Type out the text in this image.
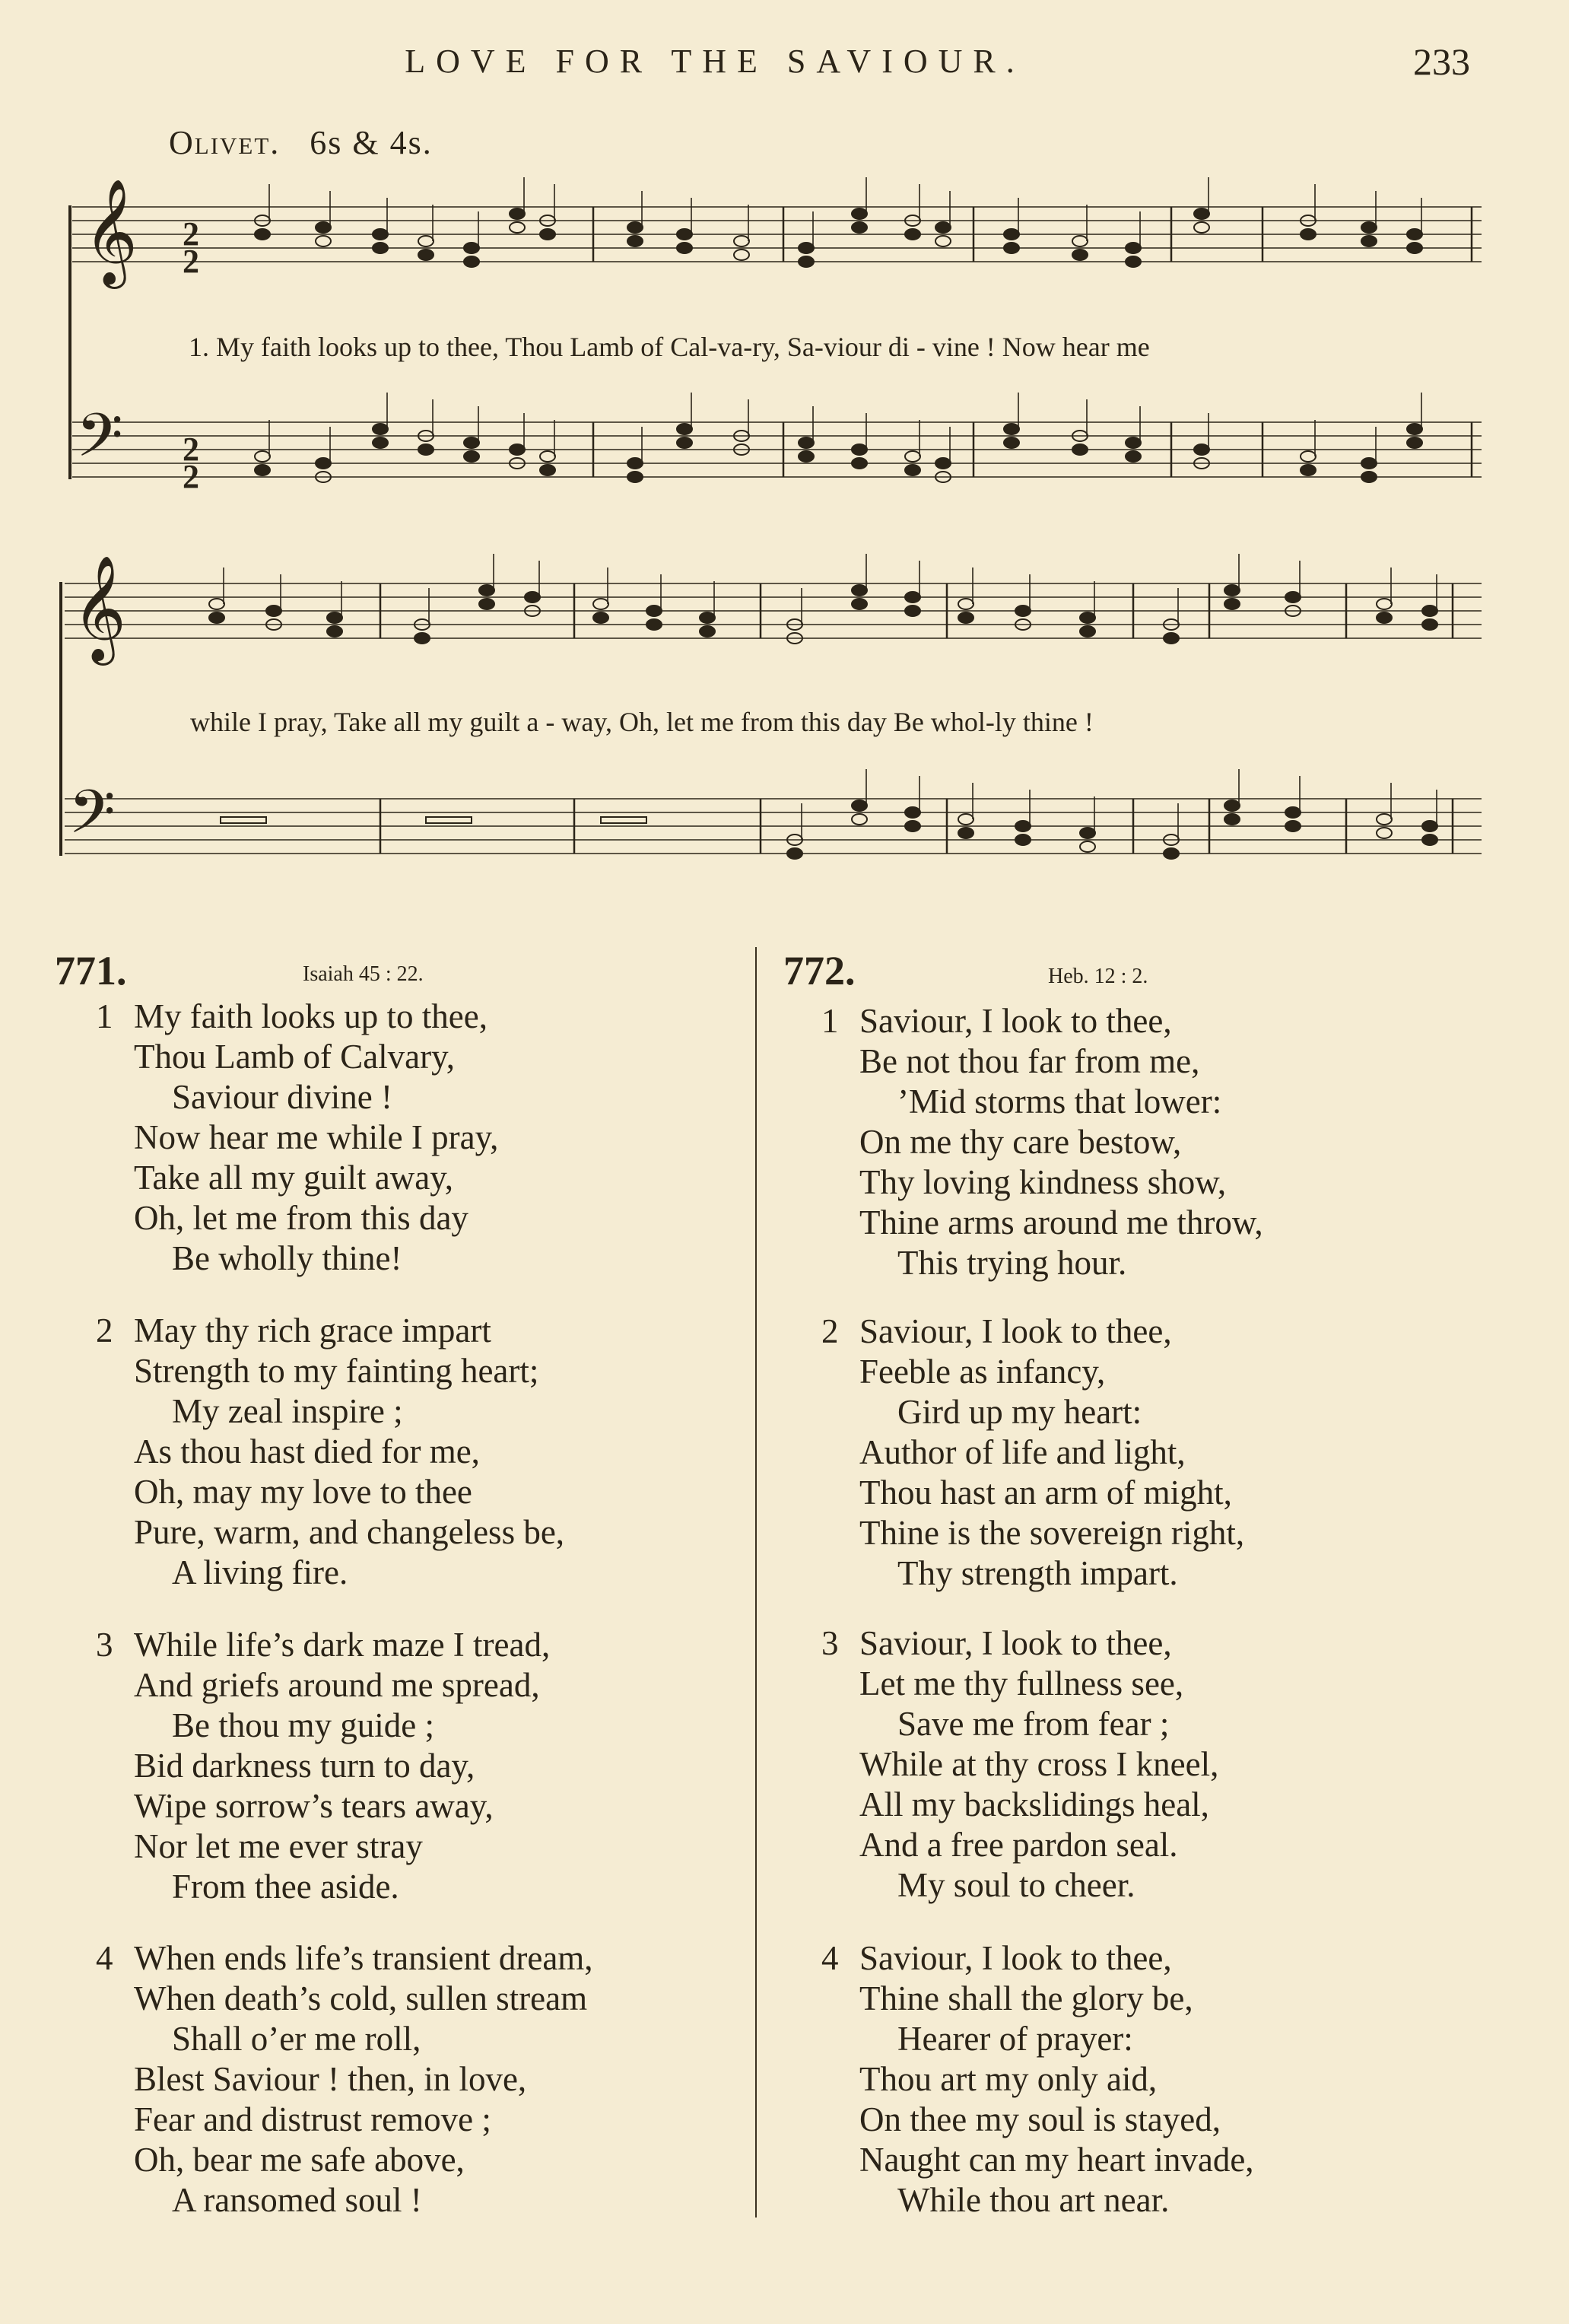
LOVE FOR THE SAVIOUR.	233
Olivet. 6s & 4s.
𝄞
𝄢
2
2
2
2
𝄞
𝄢
1. My faith looks up to thee, Thou Lamb of Cal-va-ry, Sa-viour di - vine ! Now hear me
while I pray, Take all my guilt a - way, Oh, let me from this day Be whol-ly thine !
771.	Isaiah 45 : 22.	772.	Heb. 12 : 2.
1 My faith looks up to thee,
Thou Lamb of Calvary,
Saviour divine !
Now hear me while I pray,
Take all my guilt away,
Oh, let me from this day
Be wholly thine!
2 May thy rich grace impart
Strength to my fainting heart;
My zeal inspire ;
As thou hast died for me,
Oh, may my love to thee
Pure, warm, and changeless be,
A living fire.
3 While life’s dark maze I tread,
And griefs around me spread,
Be thou my guide ;
Bid darkness turn to day,
Wipe sorrow’s tears away,
Nor let me ever stray
From thee aside.
4 When ends life’s transient dream,
When death’s cold, sullen stream
Shall o’er me roll,
Blest Saviour ! then, in love,
Fear and distrust remove ;
Oh, bear me safe above,
A ransomed soul !
1 Saviour, I look to thee,
Be not thou far from me,
’Mid storms that lower:
On me thy care bestow,
Thy loving kindness show,
Thine arms around me throw,
This trying hour.
2 Saviour, I look to thee,
Feeble as infancy,
Gird up my heart:
Author of life and light,
Thou hast an arm of might,
Thine is the sovereign right,
Thy strength impart.
3 Saviour, I look to thee,
Let me thy fullness see,
Save me from fear ;
While at thy cross I kneel,
All my backslidings heal,
And a free pardon seal.
My soul to cheer.
4 Saviour, I look to thee,
Thine shall the glory be,
Hearer of prayer:
Thou art my only aid,
On thee my soul is stayed,
Naught can my heart invade,
While thou art near.
